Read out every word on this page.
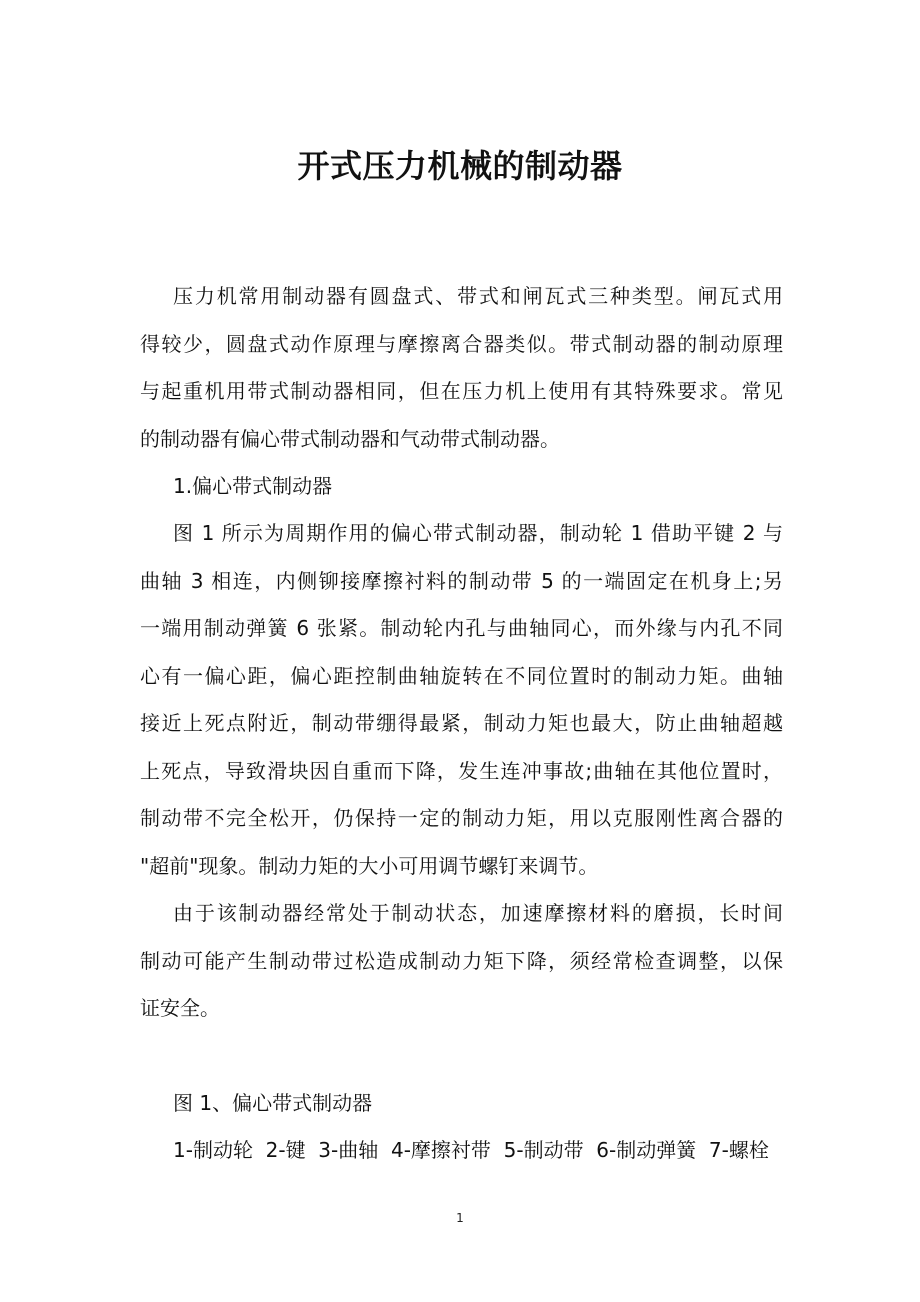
开式压力机械的制动器
压力机常用制动器有圆盘式、带式和闸瓦式三种类型。闸瓦式用
得较少，圆盘式动作原理与摩擦离合器类似。带式制动器的制动原理
与起重机用带式制动器相同，但在压力机上使用有其特殊要求。常见
的制动器有偏心带式制动器和气动带式制动器。
1.偏心带式制动器
图 1 所示为周期作用的偏心带式制动器，制动轮 1 借助平键 2 与
曲轴 3 相连，内侧铆接摩擦衬料的制动带 5 的一端固定在机身上;另
一端用制动弹簧 6 张紧。制动轮内孔与曲轴同心，而外缘与内孔不同
心有一偏心距，偏心距控制曲轴旋转在不同位置时的制动力矩。曲轴
接近上死点附近，制动带绷得最紧，制动力矩也最大，防止曲轴超越
上死点，导致滑块因自重而下降，发生连冲事故;曲轴在其他位置时，
制动带不完全松开，仍保持一定的制动力矩，用以克服刚性离合器的
"超前"现象。制动力矩的大小可用调节螺钉来调节。
由于该制动器经常处于制动状态，加速摩擦材料的磨损，长时间
制动可能产生制动带过松造成制动力矩下降，须经常检查调整，以保
证安全。
图 1、偏心带式制动器
1-制动轮  2-键  3-曲轴  4-摩擦衬带  5-制动带  6-制动弹簧  7-螺栓
1
